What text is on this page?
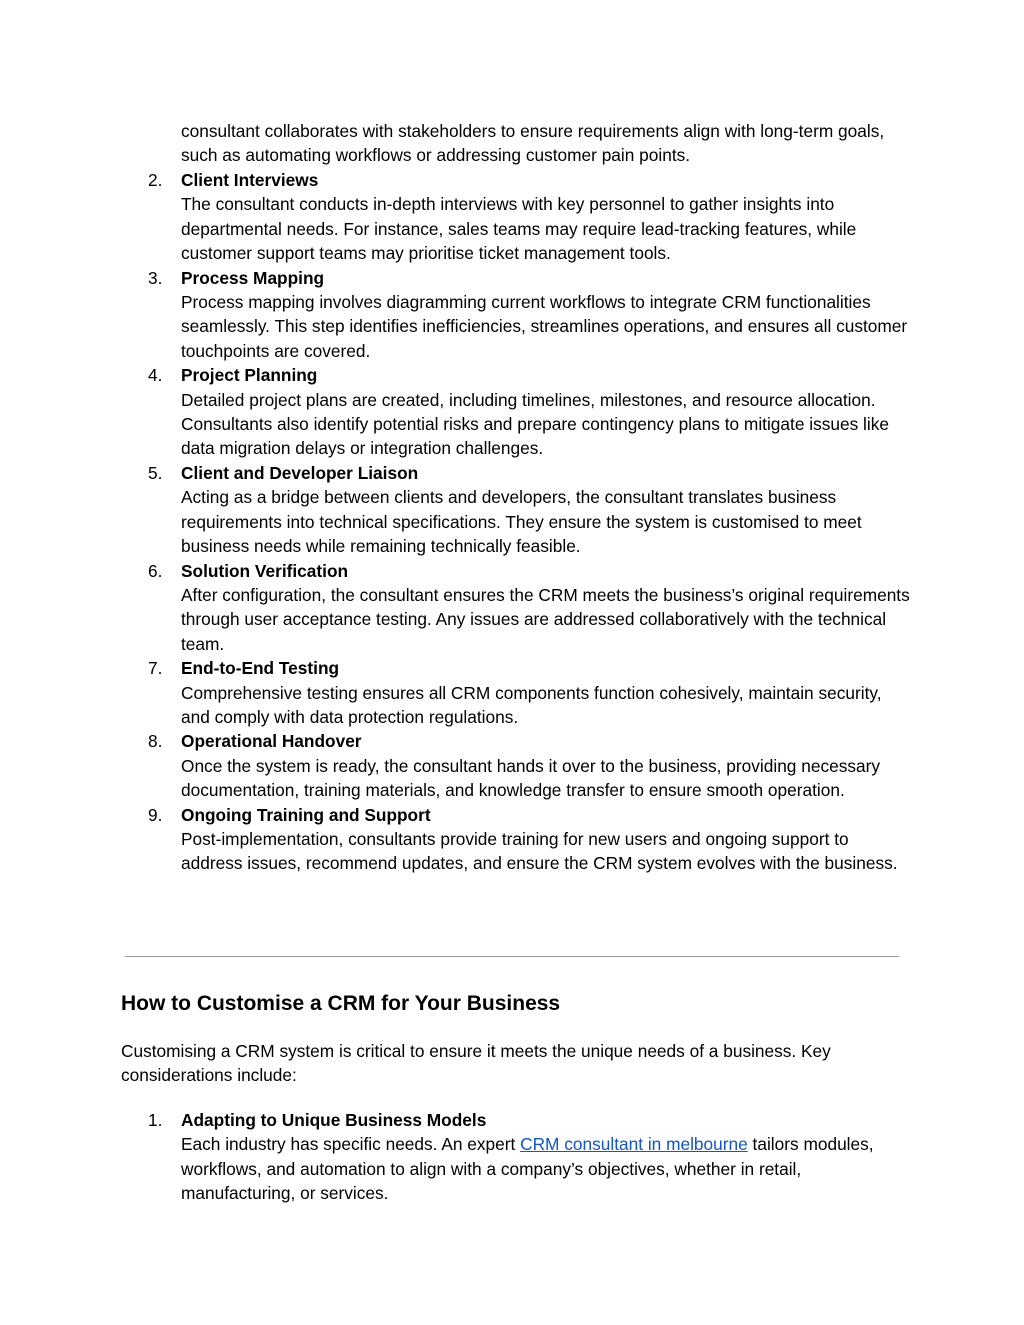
consultant collaborates with stakeholders to ensure requirements align with long-term goals, such as automating workflows or addressing customer pain points.

2.	Client Interviews
The consultant conducts in-depth interviews with key personnel to gather insights into departmental needs. For instance, sales teams may require lead-tracking features, while customer support teams may prioritise ticket management tools.
3.	Process Mapping
Process mapping involves diagramming current workflows to integrate CRM functionalities seamlessly. This step identifies inefficiencies, streamlines operations, and ensures all customer touchpoints are covered.
4.	Project Planning
Detailed project plans are created, including timelines, milestones, and resource allocation. Consultants also identify potential risks and prepare contingency plans to mitigate issues like data migration delays or integration challenges.
5.	Client and Developer Liaison
Acting as a bridge between clients and developers, the consultant translates business requirements into technical specifications. They ensure the system is customised to meet business needs while remaining technically feasible.
6.	Solution Verification
After configuration, the consultant ensures the CRM meets the business’s original requirements through user acceptance testing. Any issues are addressed collaboratively with the technical team.
7.	End-to-End Testing
Comprehensive testing ensures all CRM components function cohesively, maintain security, and comply with data protection regulations.
8.	Operational Handover
Once the system is ready, the consultant hands it over to the business, providing necessary documentation, training materials, and knowledge transfer to ensure smooth operation.
9.	Ongoing Training and Support
Post-implementation, consultants provide training for new users and ongoing support to address issues, recommend updates, and ensure the CRM system evolves with the business.
How to Customise a CRM for Your Business

Customising a CRM system is critical to ensure it meets the unique needs of a business. Key considerations include:

1.	Adapting to Unique Business Models
Each industry has specific needs. An expert CRM consultant in melbourne tailors modules, workflows, and automation to align with a company’s objectives, whether in retail, manufacturing, or services.
